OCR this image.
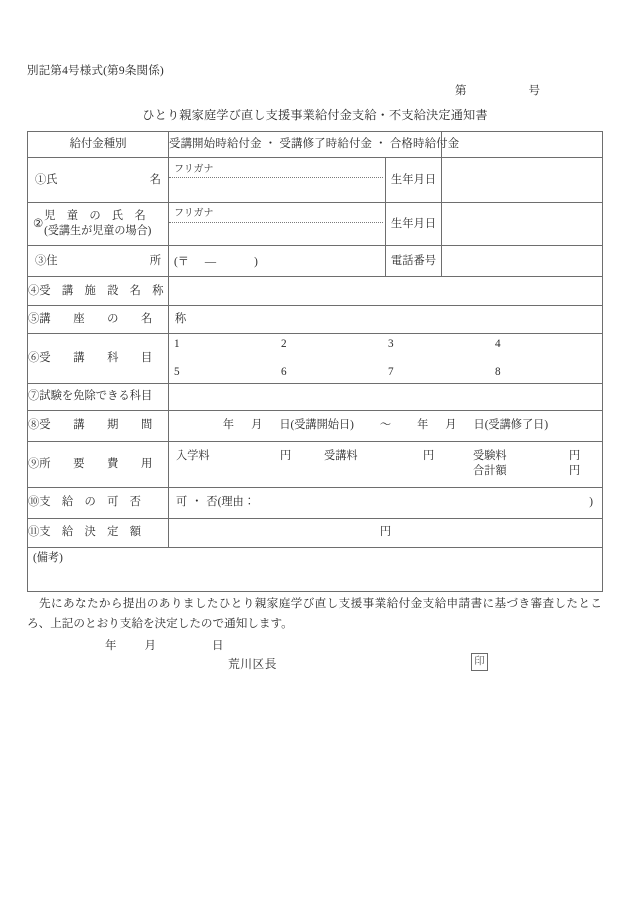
別記第4号様式(第9条関係)
第	号
ひとり親家庭学び直し支援事業給付金支給・不支給決定通知書
給付金種別	受講開始時給付金 ・ 受講修了時給付金 ・ 合格時給付金		

①氏 名	フリガナ	生年月日	

②
児　童　の　氏　名
(受講生が児童の場合)	フリガナ	生年月日	

③住 所	(〒 — )	電話番号	
④受　講　施　設　名　称			
⑤講　　座　　の　　名　　称			
⑥受　　講　　科　　目	
1	2	3	4
5	6	7	8

⑦試験を免除できる科目			
⑧受　　講　　期　　間	年 月 日(受講開始日) ～ 年 月 日(受講修了日)		

⑨所　　要　　費　　用	
入学料	円	受講料	円	受験料	円
合計額	円

⑩支　給　の　可　否	可 ・ 否(理由： )		

⑪支　給　決　定　額	円		

(備考)			
先にあなたから提出のありましたひとり親家庭学び直し支援事業給付金支給申請書に基づき審査したところ、上記のとおり支給を決定したので通知します。
年 月	日
荒川区長	印
